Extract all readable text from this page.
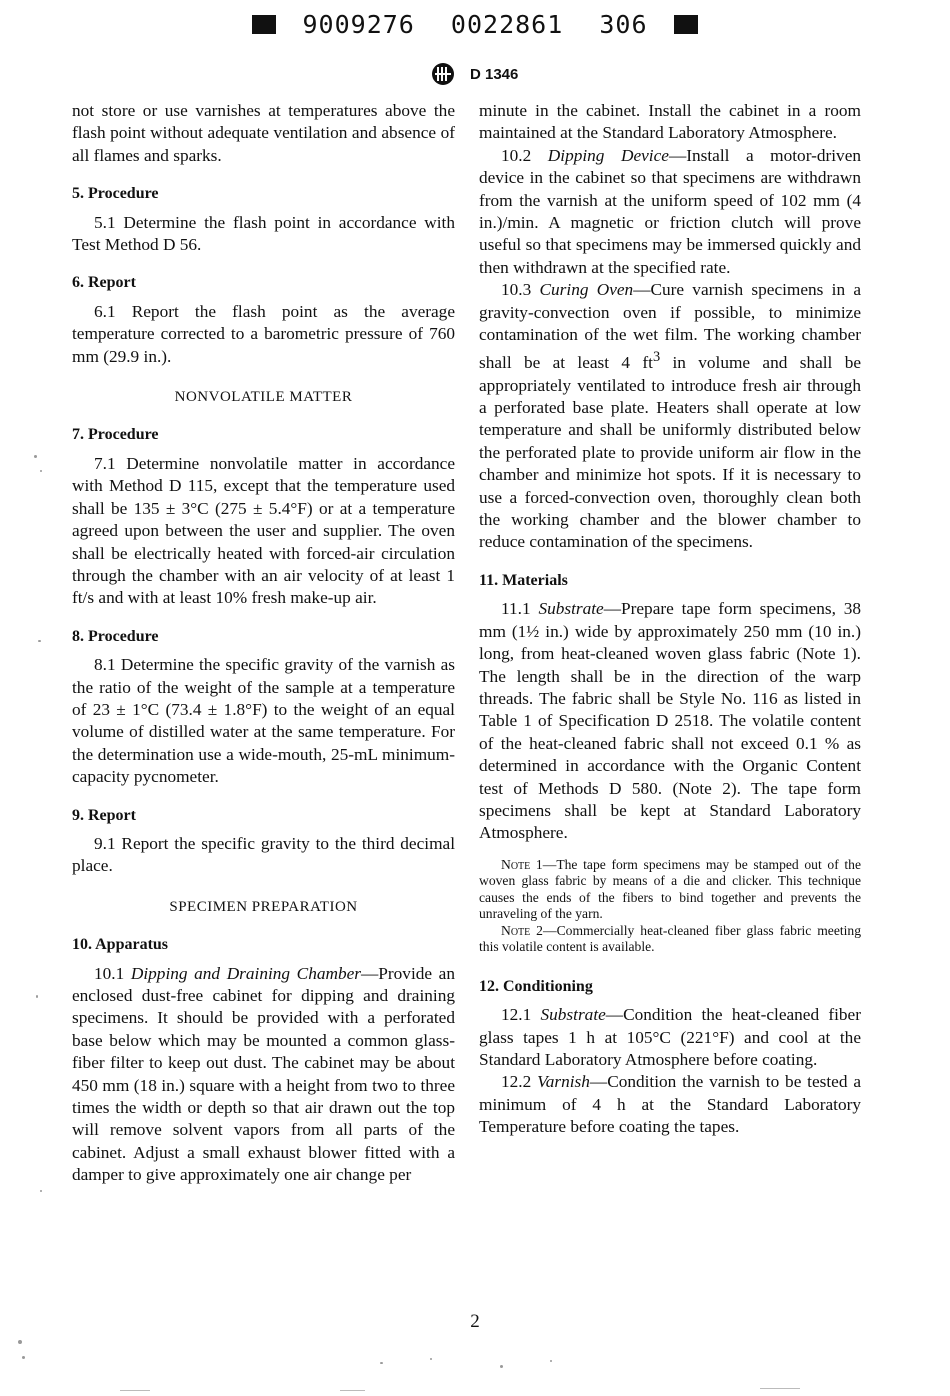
9009276 0022861 306
D 1346

not store or use varnishes at temperatures above the flash point without adequate ventilation and absence of all flames and sparks.

5. Procedure

5.1 Determine the flash point in accordance with Test Method D 56.

6. Report

6.1 Report the flash point as the average temperature corrected to a barometric pressure of 760 mm (29.9 in.).

NONVOLATILE MATTER
7. Procedure

7.1 Determine nonvolatile matter in accordance with Method D 115, except that the temperature used shall be 135 ± 3°C (275 ± 5.4°F) or at a temperature agreed upon between the user and supplier. The oven shall be electrically heated with forced-air circulation through the chamber with an air velocity of at least 1 ft/s and with at least 10% fresh make-up air.

8. Procedure

8.1 Determine the specific gravity of the varnish as the ratio of the weight of the sample at a temperature of 23 ± 1°C (73.4 ± 1.8°F) to the weight of an equal volume of distilled water at the same temperature. For the determination use a wide-mouth, 25-mL minimum-capacity pycnometer.

9. Report

9.1 Report the specific gravity to the third decimal place.

SPECIMEN PREPARATION
10. Apparatus

10.1 Dipping and Draining Chamber—Provide an enclosed dust-free cabinet for dipping and draining specimens. It should be provided with a perforated base below which may be mounted a common glass-fiber filter to keep out dust. The cabinet may be about 450 mm (18 in.) square with a height from two to three times the width or depth so that air drawn out the top will remove solvent vapors from all parts of the cabinet. Adjust a small exhaust blower fitted with a damper to give approximately one air change per

minute in the cabinet. Install the cabinet in a room maintained at the Standard Laboratory Atmosphere.

10.2 Dipping Device—Install a motor-driven device in the cabinet so that specimens are withdrawn from the varnish at the uniform speed of 102 mm (4 in.)/min. A magnetic or friction clutch will prove useful so that specimens may be immersed quickly and then withdrawn at the specified rate.

10.3 Curing Oven—Cure varnish specimens in a gravity-convection oven if possible, to minimize contamination of the wet film. The working chamber shall be at least 4 $ft^3$ in volume and shall be appropriately ventilated to introduce fresh air through a perforated base plate. Heaters shall operate at low temperature and shall be uniformly distributed below the perforated plate to provide uniform air flow in the chamber and minimize hot spots. If it is necessary to use a forced-convection oven, thoroughly clean both the working chamber and the blower chamber to reduce contamination of the specimens.

11. Materials

11.1 Substrate—Prepare tape form specimens, 38 mm (1½ in.) wide by approximately 250 mm (10 in.) long, from heat-cleaned woven glass fabric (Note 1). The length shall be in the direction of the warp threads. The fabric shall be Style No. 116 as listed in Table 1 of Specification D 2518. The volatile content of the heat-cleaned fabric shall not exceed 0.1 % as determined in accordance with the Organic Content test of Methods D 580. (Note 2). The tape form specimens shall be kept at Standard Laboratory Atmosphere.

Note 1—The tape form specimens may be stamped out of the woven glass fabric by means of a die and clicker. This technique causes the ends of the fibers to bind together and prevents the unraveling of the yarn.

Note 2—Commercially heat-cleaned fiber glass fabric meeting this volatile content is available.

12. Conditioning

12.1 Substrate—Condition the heat-cleaned fiber glass tapes 1 h at 105°C (221°F) and cool at the Standard Laboratory Atmosphere before coating.

12.2 Varnish—Condition the varnish to be tested a minimum of 4 h at the Standard Laboratory Temperature before coating the tapes.

2
